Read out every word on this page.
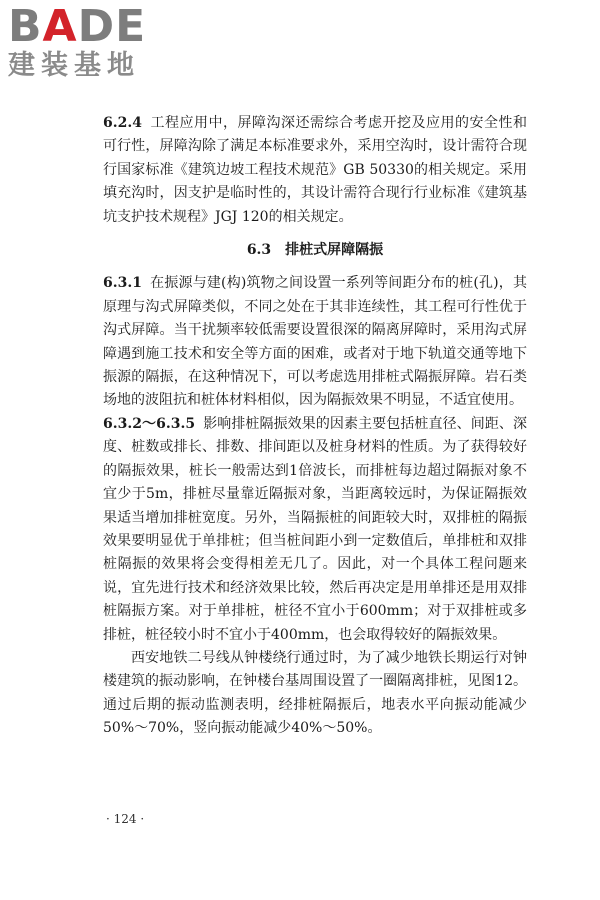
BADE
建装基地

6.2.4 工程应用中，屏障沟深还需综合考虑开挖及应用的安全性和可行性，屏障沟除了满足本标准要求外，采用空沟时，设计需符合现行国家标准《建筑边坡工程技术规范》GB 50330的相关规定。采用填充沟时，因支护是临时性的，其设计需符合现行行业标准《建筑基坑支护技术规程》JGJ 120的相关规定。

6.3 排桩式屏障隔振

6.3.1 在振源与建(构)筑物之间设置一系列等间距分布的桩(孔)，其原理与沟式屏障类似，不同之处在于其非连续性，其工程可行性优于沟式屏障。当干扰频率较低需要设置很深的隔离屏障时，采用沟式屏障遇到施工技术和安全等方面的困难，或者对于地下轨道交通等地下振源的隔振，在这种情况下，可以考虑选用排桩式隔振屏障。岩石类场地的波阻抗和桩体材料相似，因为隔振效果不明显，不适宜使用。

6.3.2～6.3.5 影响排桩隔振效果的因素主要包括桩直径、间距、深度、桩数或排长、排数、排间距以及桩身材料的性质。为了获得较好的隔振效果，桩长一般需达到1倍波长，而排桩每边超过隔振对象不宜少于5m，排桩尽量靠近隔振对象，当距离较远时，为保证隔振效果适当增加排桩宽度。另外，当隔振桩的间距较大时，双排桩的隔振效果要明显优于单排桩；但当桩间距小到一定数值后，单排桩和双排桩隔振的效果将会变得相差无几了。因此，对一个具体工程问题来说，宜先进行技术和经济效果比较，然后再决定是用单排还是用双排桩隔振方案。对于单排桩，桩径不宜小于600mm；对于双排桩或多排桩，桩径较小时不宜小于400mm，也会取得较好的隔振效果。

西安地铁二号线从钟楼绕行通过时，为了减少地铁长期运行对钟楼建筑的振动影响，在钟楼台基周围设置了一圈隔离排桩，见图12。通过后期的振动监测表明，经排桩隔振后，地表水平向振动能减少50%～70%，竖向振动能减少40%～50%。

· 124 ·
